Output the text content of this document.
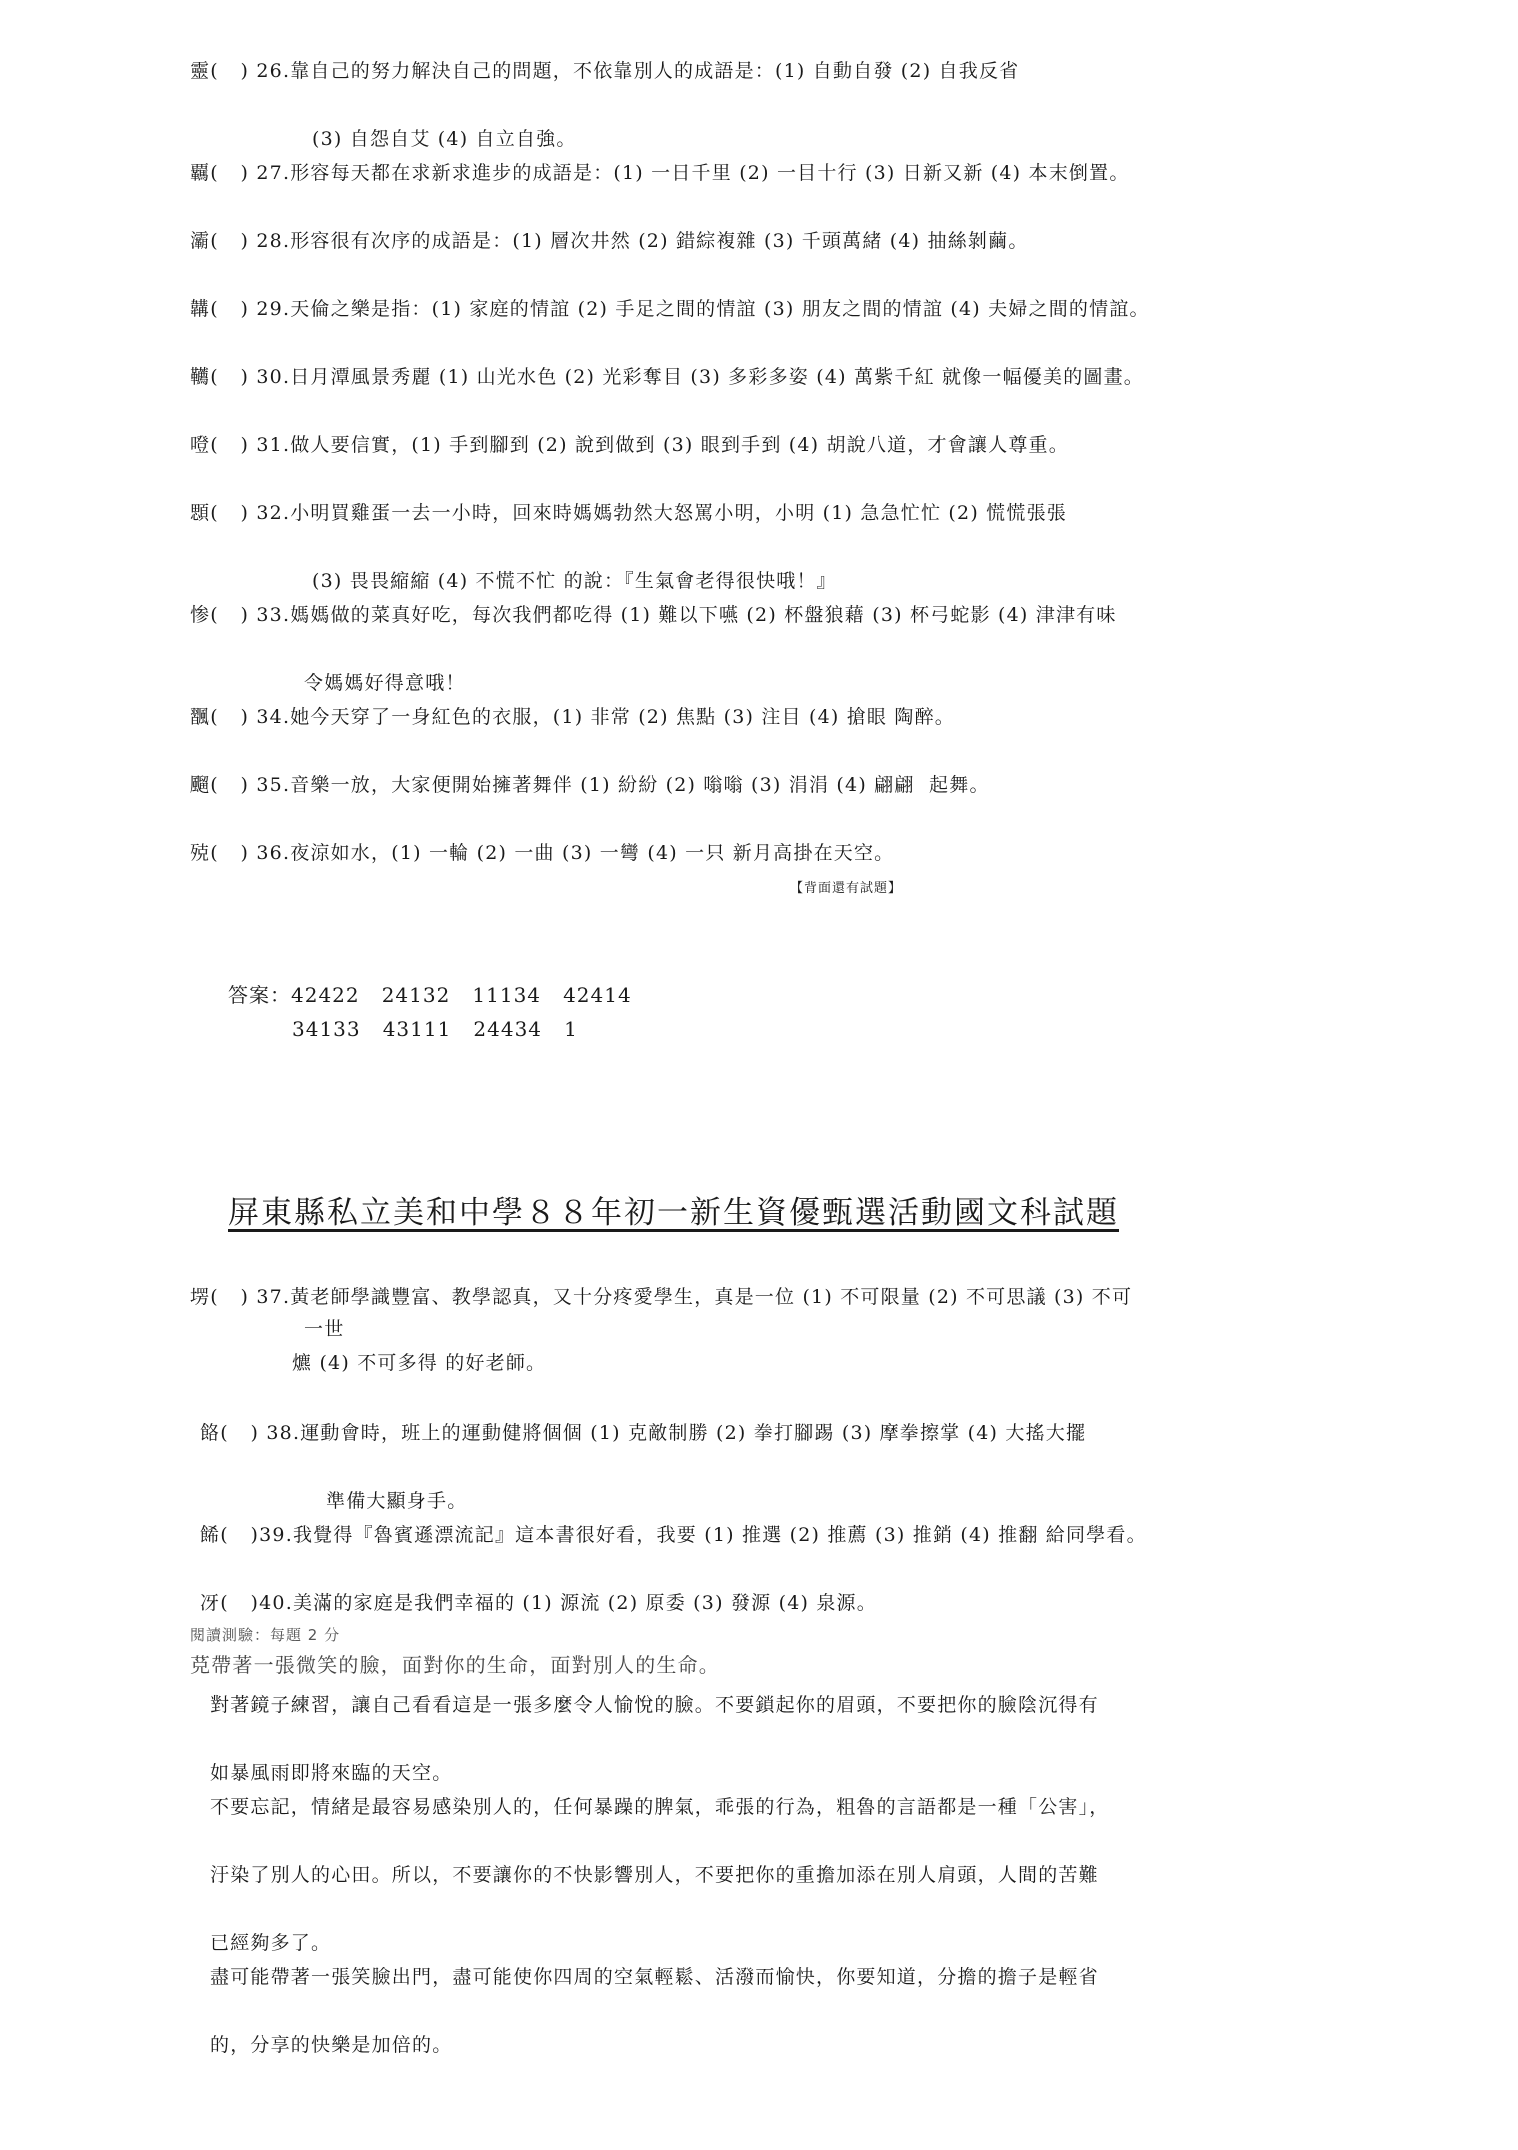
靈(   ) 26.靠自己的努力解決自己的問題，不依靠別人的成語是：(1) 自動自發 (2) 自我反省
(3) 自怨自艾 (4) 自立自強。
覊(   ) 27.形容每天都在求新求進步的成語是：(1) 一日千里 (2) 一目十行 (3) 日新又新 (4) 本末倒置。
灞(   ) 28.形容很有次序的成語是：(1) 層次井然 (2) 錯綜複雜 (3) 千頭萬緒 (4) 抽絲剝繭。
韝(   ) 29.天倫之樂是指：(1) 家庭的情誼 (2) 手足之間的情誼 (3) 朋友之間的情誼 (4) 夫婦之間的情誼。
韉(   ) 30.日月潭風景秀麗 (1) 山光水色 (2) 光彩奪目 (3) 多彩多姿 (4) 萬紫千紅 就像一幅優美的圖畫。
噔(   ) 31.做人要信實，(1) 手到腳到 (2) 說到做到 (3) 眼到手到 (4) 胡說八道，才會讓人尊重。
顋(   ) 32.小明買雞蛋一去一小時，回來時媽媽勃然大怒罵小明，小明 (1) 急急忙忙 (2) 慌慌張張
(3) 畏畏縮縮 (4) 不慌不忙 的說：『生氣會老得很快哦！』
惨(   ) 33.媽媽做的菜真好吃，每次我們都吃得 (1) 難以下嚥 (2) 杯盤狼藉 (3) 杯弓蛇影 (4) 津津有味
令媽媽好得意哦！
飁(   ) 34.她今天穿了一身紅色的衣服，(1) 非常 (2) 焦點 (3) 注目 (4) 搶眼 陶醉。
飀(   ) 35.音樂一放，大家便開始擁著舞伴 (1) 紛紛 (2) 嗡嗡 (3) 涓涓 (4) 翩翩  起舞。
殑(   ) 36.夜涼如水，(1) 一輪 (2) 一曲 (3) 一彎 (4) 一只 新月高掛在天空。
【背面還有試題】
答案：42422   24132   11134   42414
34133   43111   24434   1
屏東縣私立美和中學８８年初一新生資優甄選活動國文科試題
塄(   ) 37.黃老師學識豐富、教學認真，又十分疼愛學生，真是一位 (1) 不可限量 (2) 不可思議 (3) 不可
一世
爊 (4) 不可多得 的好老師。
餎(   ) 38.運動會時，班上的運動健將個個 (1) 克敵制勝 (2) 拳打腳踢 (3) 摩拳擦掌 (4) 大搖大擺
準備大顯身手。
餙(   )39.我覺得『魯賓遜漂流記』這本書很好看，我要 (1) 推選 (2) 推薦 (3) 推銷 (4) 推翻 給同學看。
冴(   )40.美滿的家庭是我們幸福的 (1) 源流 (2) 原委 (3) 發源 (4) 泉源。
閱讀測驗：每題 2 分
莌帶著一張微笑的臉，面對你的生命，面對別人的生命。
對著鏡子練習，讓自己看看這是一張多麼令人愉悅的臉。不要鎖起你的眉頭，不要把你的臉陰沉得有
如暴風雨即將來臨的天空。
不要忘記，情緒是最容易感染別人的，任何暴躁的脾氣，乖張的行為，粗魯的言語都是一種「公害」，
汙染了別人的心田。所以，不要讓你的不快影響別人，不要把你的重擔加添在別人肩頭，人間的苦難
已經夠多了。
盡可能帶著一張笑臉出門，盡可能使你四周的空氣輕鬆、活潑而愉快，你要知道，分擔的擔子是輕省
的，分享的快樂是加倍的。
